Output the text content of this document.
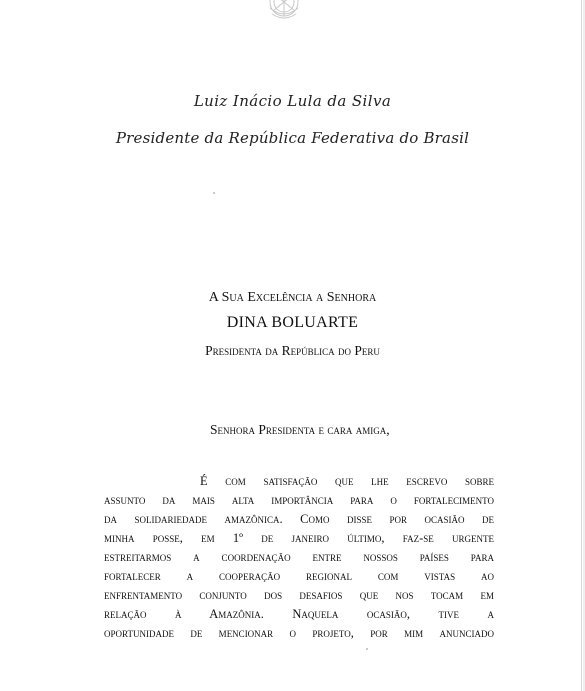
Luiz Inácio Lula da Silva
Presidente da República Federativa do Brasil
A Sua Excelência a Senhora
DINA BOLUARTE
Presidenta da República do Peru
Senhora Presidenta e cara amiga,
É com satisfação que lhe escrevo sobre
assunto da mais alta importância para o fortalecimento
da solidariedade amazônica. Como disse por ocasião de
minha posse, em 1º de janeiro último, faz-se urgente
estreitarmos a coordenação entre nossos países para
fortalecer a cooperação regional com vistas ao
enfrentamento conjunto dos desafios que nos tocam em
relação à Amazônia. Naquela ocasião, tive a
oportunidade de mencionar o projeto, por mim anunciado
